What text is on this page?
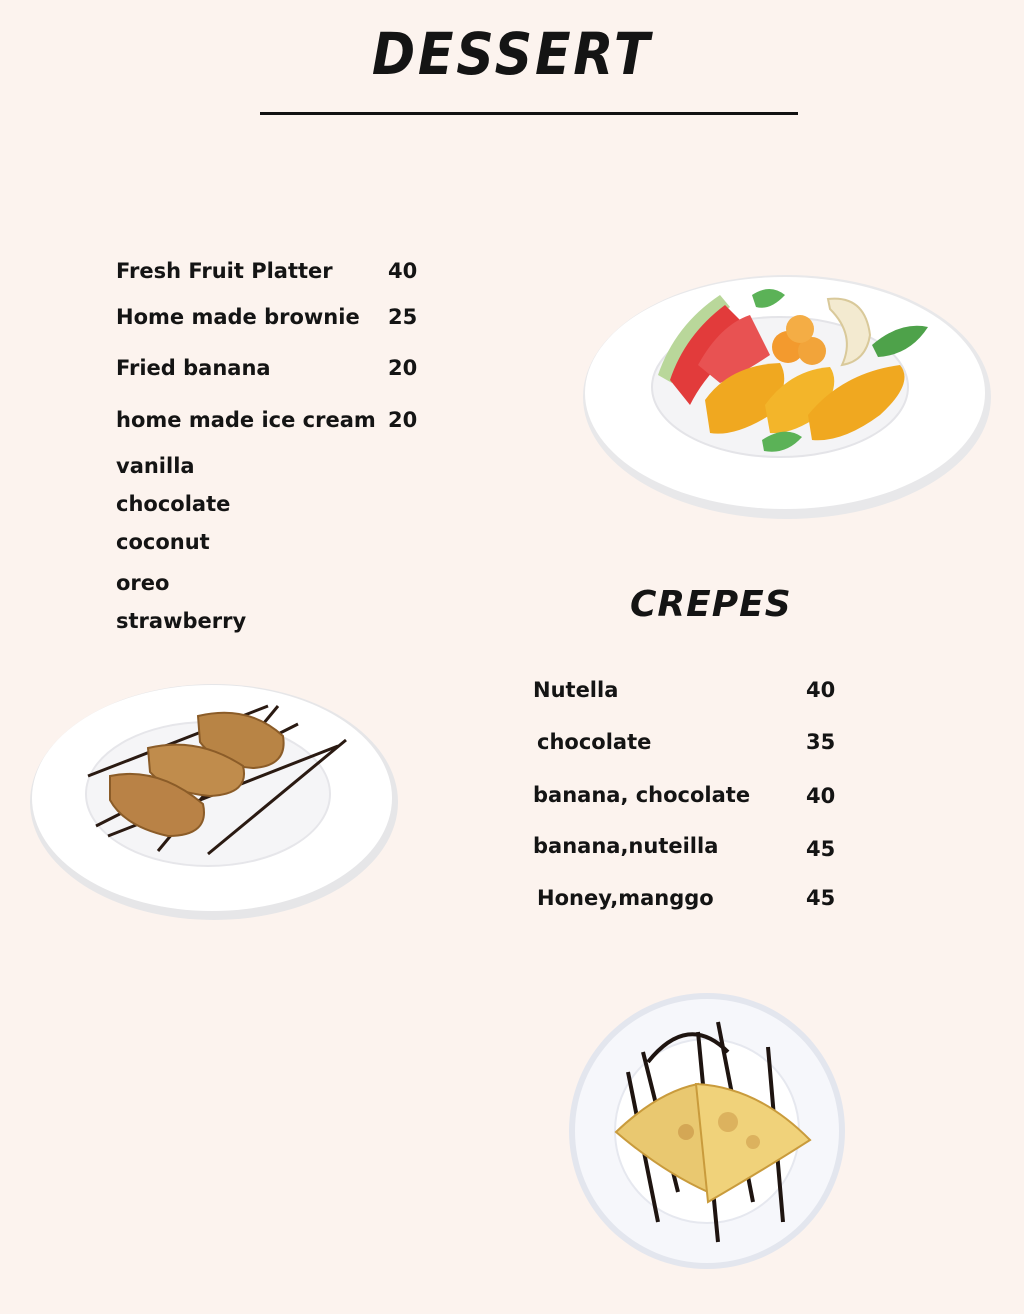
DESSERT
Fresh Fruit Platter	40
Home made brownie 25
Fried banana	20
home made ice cream 20
vanilla
chocolate
coconut
oreo
strawberry	CREPES
Nutella	40
chocolate	35
banana, chocolate	40
banana,nuteilla	45
Honey,manggo	45
